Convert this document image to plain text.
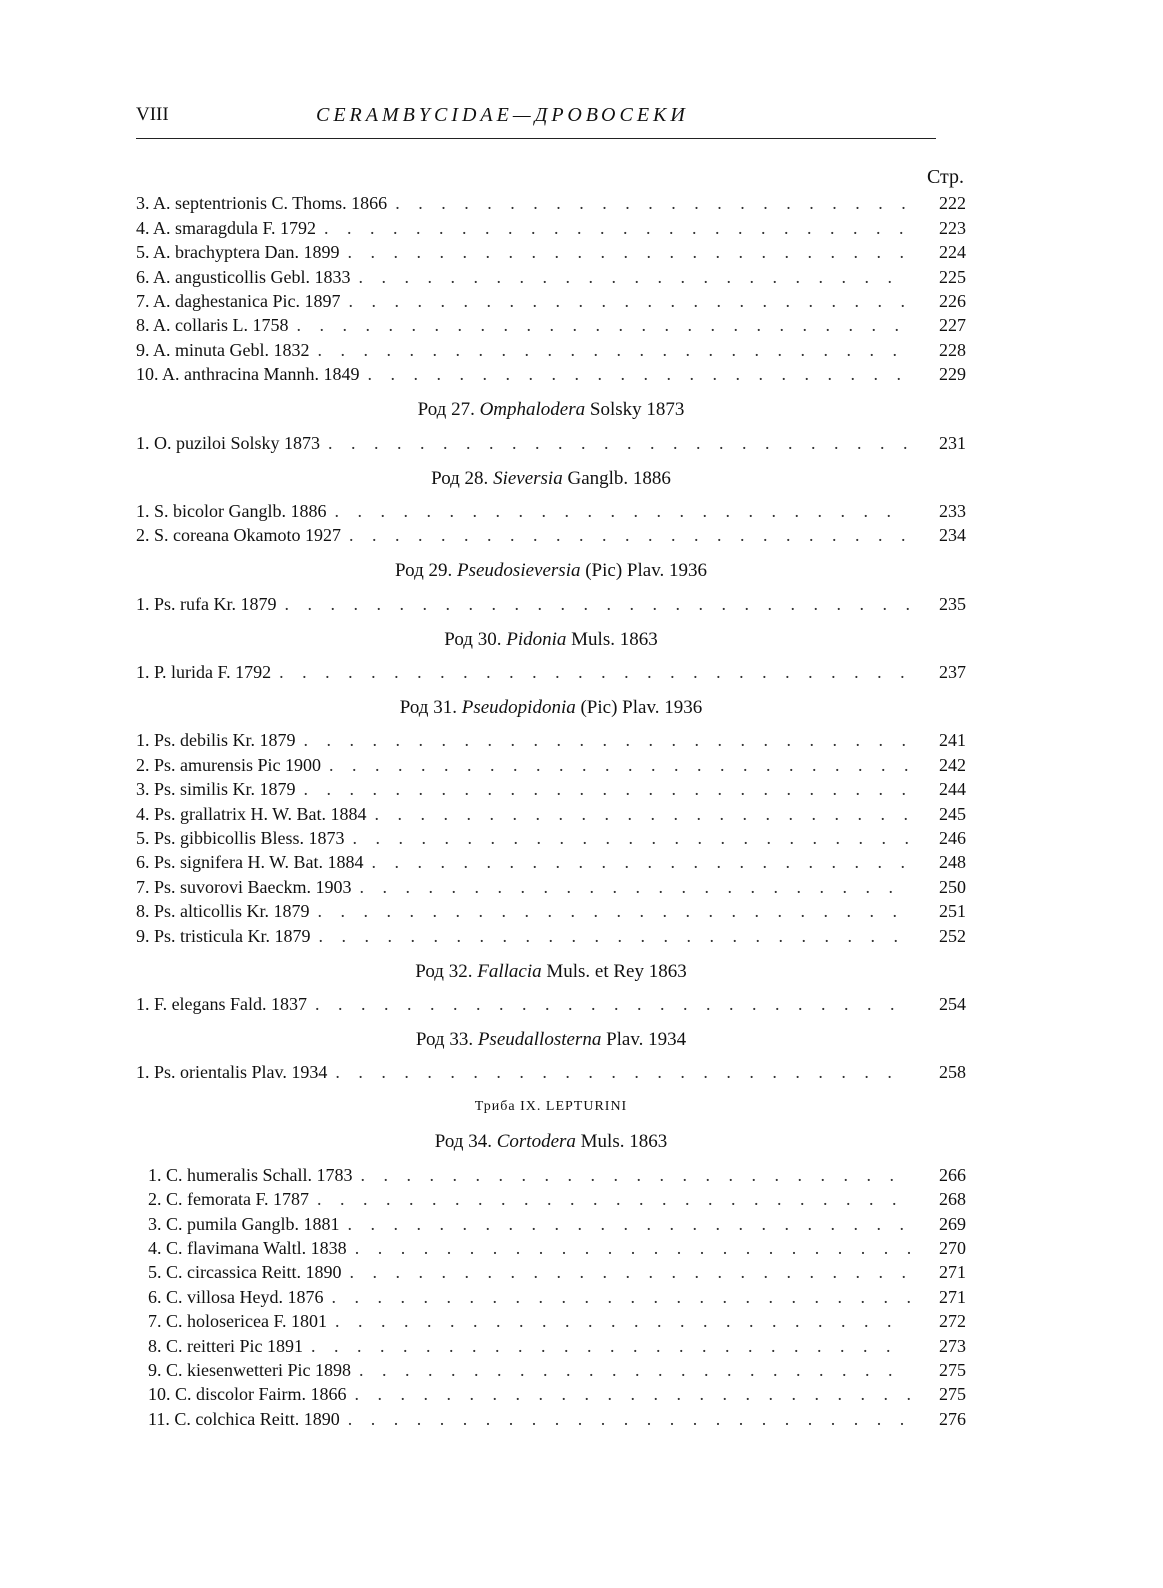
VIII	CERAMBYCIDAE—ДРОВОСЕКИ
Стр.
3. A. septentrionis C. Thoms. 1866 . . .	222
4. A. smaragdula F. 1792 . . .	223
5. A. brachyptera Dan. 1899 . . .	224
6. A. angusticollis Gebl. 1833 . . .	225
7. A. daghestanica Pic. 1897 . . .	226
8. A. collaris L. 1758 . . .	227
9. A. minuta Gebl. 1832 . . .	228
10. A. anthracina Mannh. 1849 . . .	229
Род 27. Omphalodera Solsky 1873
1. O. puziloi Solsky 1873 . . .	231
Род 28. Sieversia Ganglb. 1886
1. S. bicolor Ganglb. 1886 . . .	233
2. S. coreana Okamoto 1927 . . .	234
Род 29. Pseudosieversia (Pic) Plav. 1936
1. Ps. rufa Kr. 1879 . . .	235
Род 30. Pidonia Muls. 1863
1. P. lurida F. 1792 . . .	237
Род 31. Pseudopidonia (Pic) Plav. 1936
1. Ps. debilis Kr. 1879 . . .	241
2. Ps. amurensis Pic 1900 . . .	242
3. Ps. similis Kr. 1879 . . .	244
4. Ps. grallatrix H. W. Bat. 1884 . . .	245
5. Ps. gibbicollis Bless. 1873 . . .	246
6. Ps. signifera H. W. Bat. 1884 . . .	248
7. Ps. suvorovi Baeckm. 1903 . . .	250
8. Ps. alticollis Kr. 1879 . . .	251
9. Ps. tristicula Kr. 1879 . . .	252
Род 32. Fallacia Muls. et Rey 1863
1. F. elegans Fald. 1837 . . .	254
Род 33. Pseudallosterna Plav. 1934
1. Ps. orientalis Plav. 1934 . . .	258
Триба IX. LEPTURINI
Род 34. Cortodera Muls. 1863
1. C. humeralis Schall. 1783 . . .	266
2. C. femorata F. 1787 . . .	268
3. C. pumila Ganglb. 1881 . . .	269
4. C. flavimana Waltl. 1838 . . .	270
5. C. circassica Reitt. 1890 . . .	271
6. C. villosa Heyd. 1876 . . .	271
7. C. holosericea F. 1801 . . .	272
8. C. reitteri Pic 1891 . . .	273
9. C. kiesenwetteri Pic 1898 . . .	275
10. C. discolor Fairm. 1866 . . .	275
11. C. colchica Reitt. 1890 . . .	276
